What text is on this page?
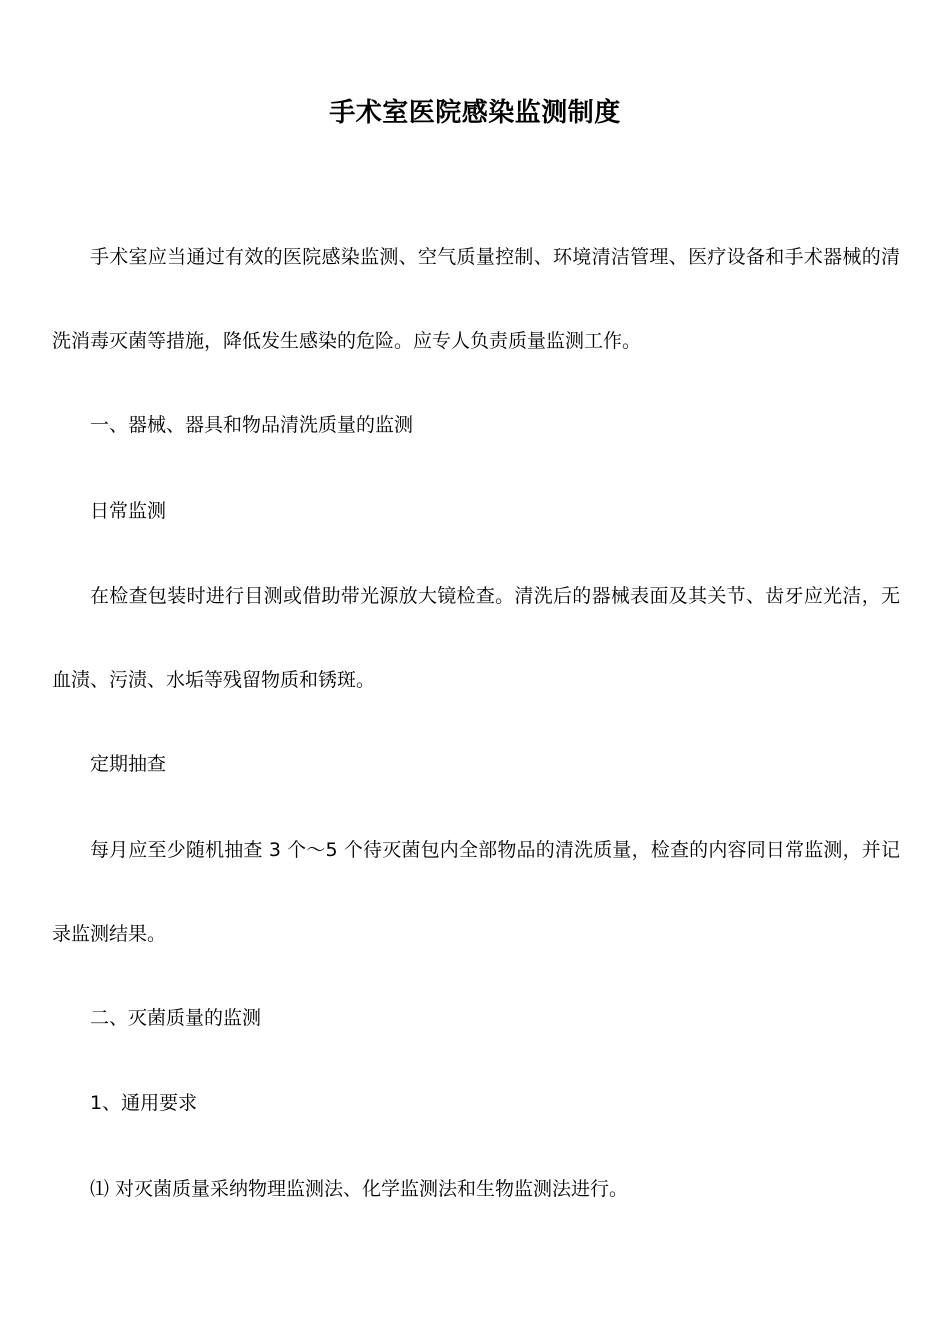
手术室医院感染监测制度

手术室应当通过有效的医院感染监测、空气质量控制、环境清洁管理、医疗设备和手术器械的清洗消毒灭菌等措施，降低发生感染的危险。应专人负责质量监测工作。

一、器械、器具和物品清洗质量的监测

日常监测

在检查包装时进行目测或借助带光源放大镜检查。清洗后的器械表面及其关节、齿牙应光洁，无血渍、污渍、水垢等残留物质和锈斑。

定期抽查

每月应至少随机抽查 3 个～5 个待灭菌包内全部物品的清洗质量，检查的内容同日常监测，并记录监测结果。

二、灭菌质量的监测

1、通用要求

⑴ 对灭菌质量采纳物理监测法、化学监测法和生物监测法进行。
